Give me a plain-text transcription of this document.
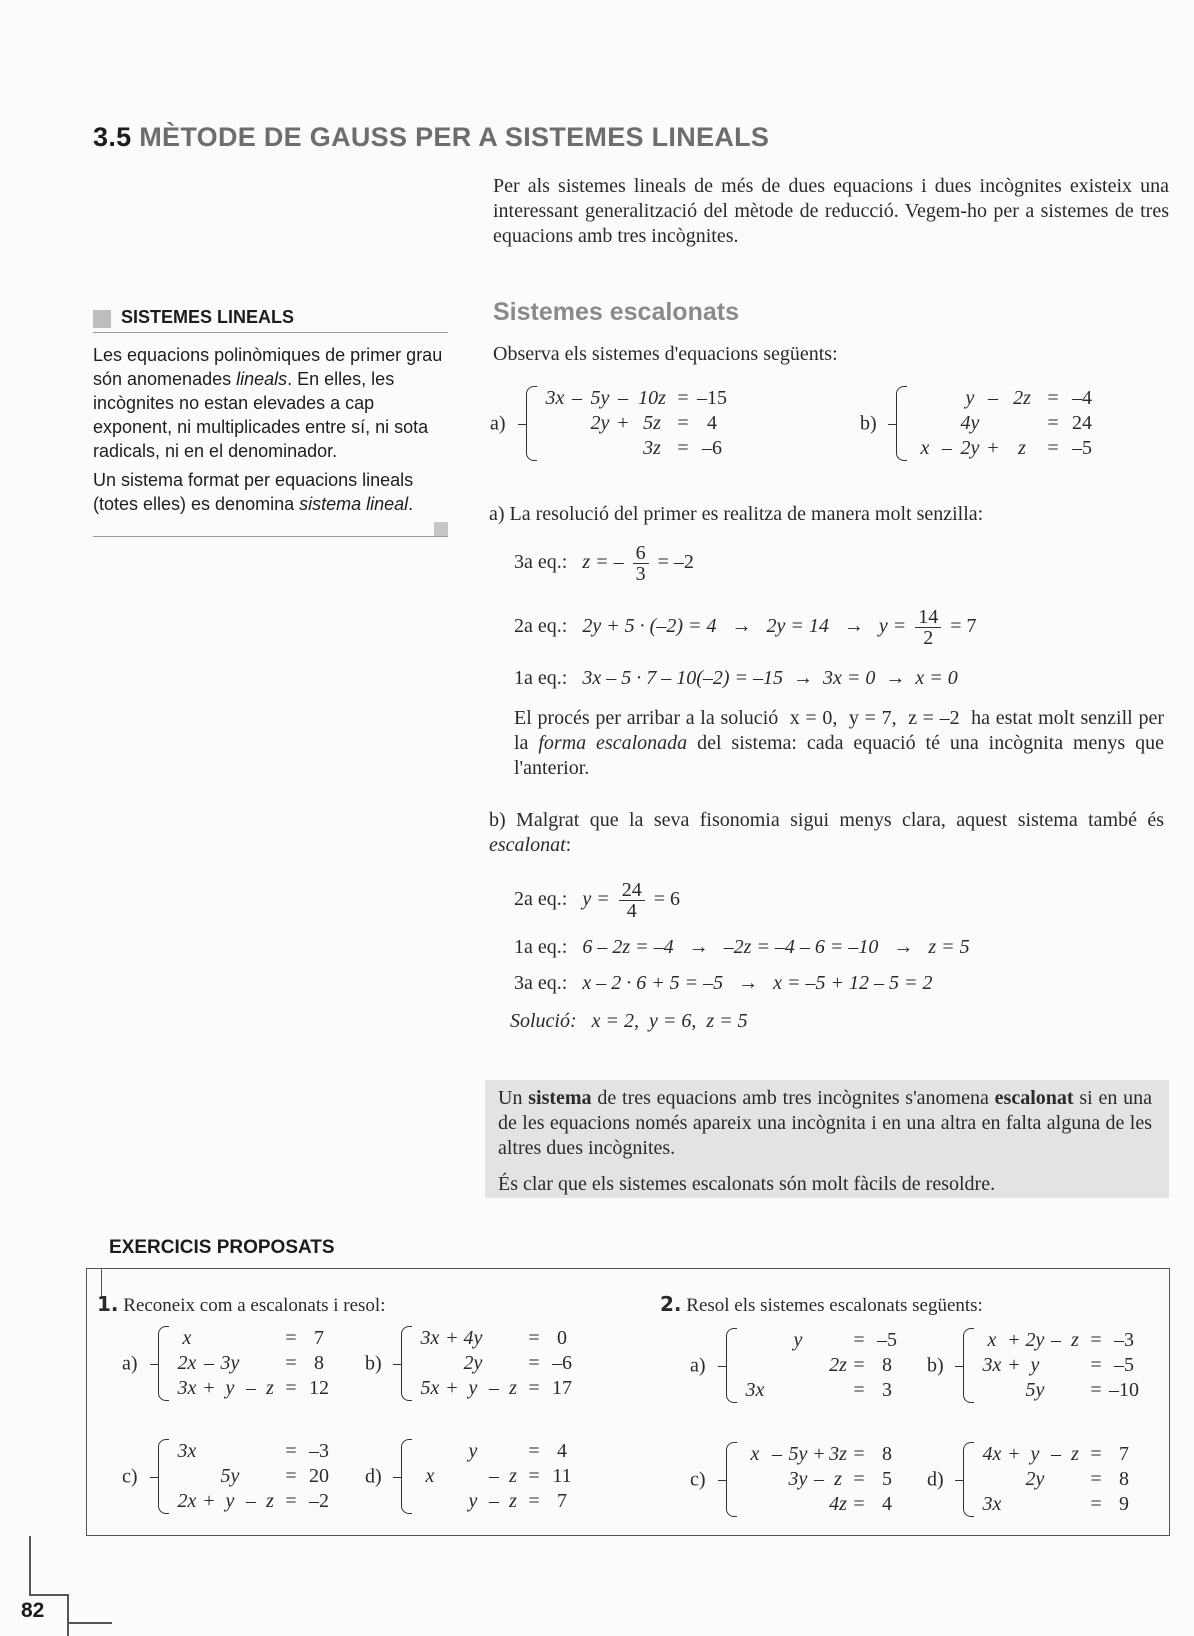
3.5 MÈTODE DE GAUSS PER A SISTEMES LINEALS
Per als sistemes lineals de més de dues equacions i dues incògnites existeix una interessant generalització del mètode de reducció. Vegem-ho per a sistemes de tres equacions amb tres incògnites.
SISTEMES LINEALS

Les equacions polinòmiques de primer grau són anomenades lineals. En elles, les incògnites no estan elevades a cap exponent, ni multiplicades entre sí, ni sota radicals, ni en el denominador.

Un sistema format per equacions lineals (totes elles) es denomina sistema lineal.

Sistemes escalonats
Observa els sistemes d'equacions següents:
a)
3x – 5y – 10z = –15
2y + 5z = 4
3z = –6
b)
y – 2z = –4
4y	= 24
x – 2y + z	= –5
a) La resolució del primer es realitza de manera molt senzilla:
3a eq.: z = – $\frac{6}{3} = -2$
2a eq.: $2y + 5 \cdot (-2) = 4 \to 2y = 14 \to y = \frac{14}{2} = 7$
1a eq.: 3x – 5 · 7 – 10(–2) = –15  →  3x = 0  →  x = 0
El procés per arribar a la solució  x = 0,  y = 7,  z = –2  ha estat molt senzill per la forma escalonada del sistema: cada equació té una incògnita menys que l'anterior.
b) Malgrat que la seva fisonomia sigui menys clara, aquest sistema també és escalonat:
2a eq.: $y = \frac{24}{4} = 6$
1a eq.: 6 – 2z = –4   →   –2z = –4 – 6 = –10   →   z = 5
3a eq.: x – 2 · 6 + 5 = –5   →   x = –5 + 12 – 5 = 2
Solució: x = 2,  y = 6,  z = 5
Un sistema de tres equacions amb tres incògnites s'anomena escalonat si en una de les equacions només apareix una incògnita i en una altra en falta alguna de les altres dues incògnites.
És clar que els sistemes escalonats són molt fàcils de resoldre.
EXERCICIS PROPOSATS
1. Reconeix com a escalonats i resol:	2. Resol els sistemes escalonats següents:
a)
x	= 7
2x – 3y = 8
3x + y – z = 12
b)
3x + 4y = 0
2y = –6
5x + y – z = 17
c)
3x	= –3
5y = 20
2x + y – z = –2
d)
y	= 4
x	– z = 11
y – z = 7
a)
y	= –5
2z = 8
3x	= 3
b)
x + 2y – z = –3
3x + y	= –5
5y = –10
c)
x – 5y + 3z = 8
3y – z = 5
4z = 4
d)
4x + y – z = 7
2y = 8
3x	= 9
82
